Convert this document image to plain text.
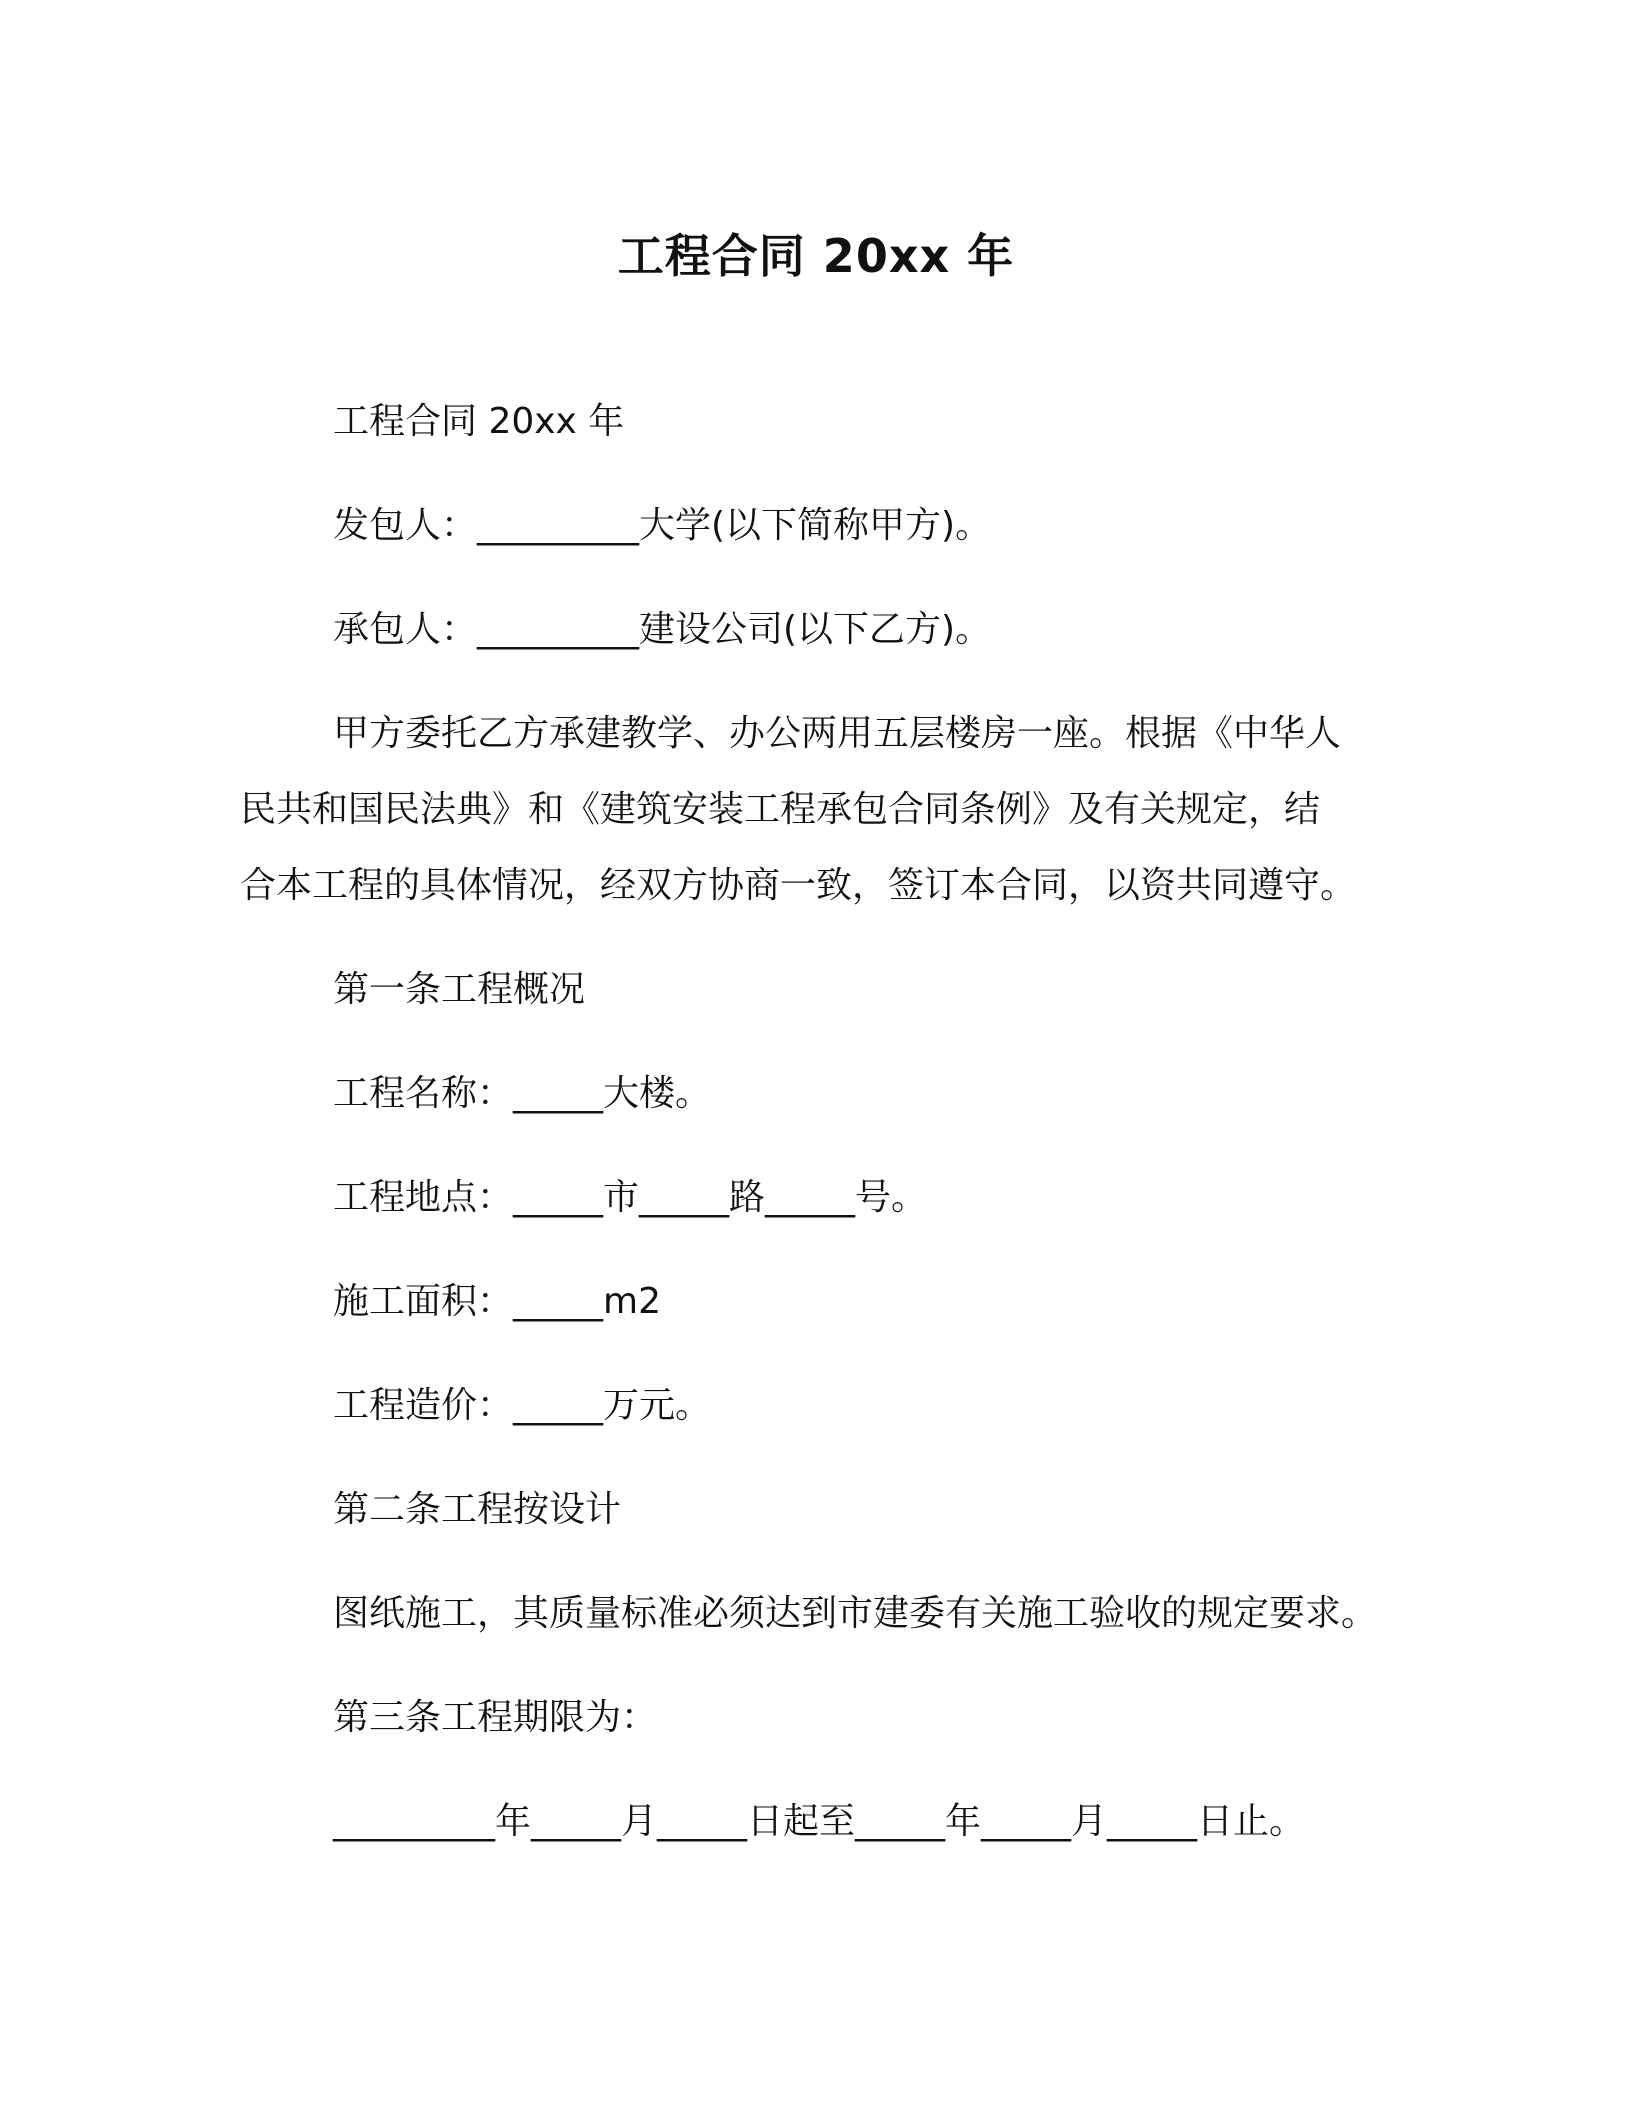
工程合同 20xx 年
工程合同 20xx 年
发包人：_________大学(以下简称甲方)。
承包人：_________建设公司(以下乙方)。
甲方委托乙方承建教学、办公两用五层楼房一座。根据《中华人
民共和国民法典》和《建筑安装工程承包合同条例》及有关规定，结
合本工程的具体情况，经双方协商一致，签订本合同，以资共同遵守。
第一条工程概况
工程名称：_____大楼。
工程地点：_____市_____路_____号。
施工面积：_____m2
工程造价：_____万元。
第二条工程按设计
图纸施工，其质量标准必须达到市建委有关施工验收的规定要求。
第三条工程期限为：
_________年_____月_____日起至_____年_____月_____日止。
